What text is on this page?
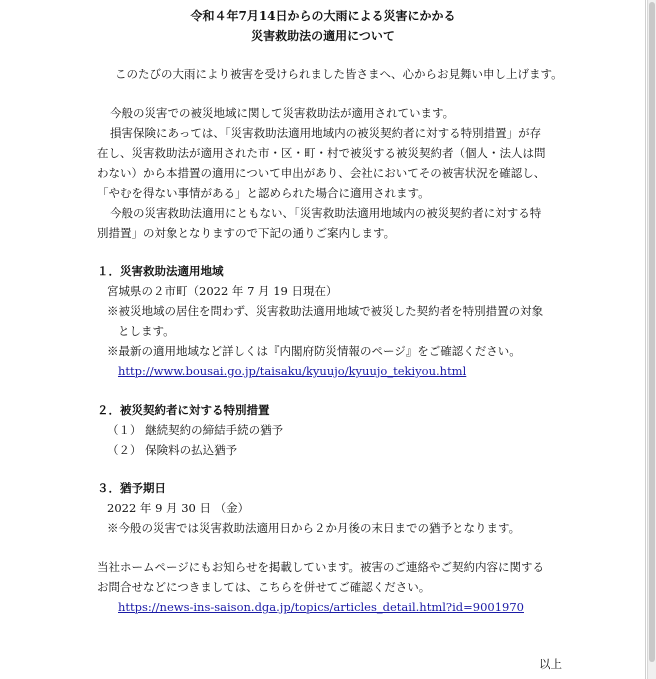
令和４年7月14日からの大雨による災害にかかる
災害救助法の適用について
このたびの大雨により被害を受けられました皆さまへ、心からお見舞い申し上げます。
今般の災害での被災地域に関して災害救助法が適用されています。
損害保険にあっては、「災害救助法適用地域内の被災契約者に対する特別措置」が存
在し、災害救助法が適用された市・区・町・村で被災する被災契約者（個人・法人は問
わない）から本措置の適用について申出があり、会社においてその被害状況を確認し、
「やむを得ない事情がある」と認められた場合に適用されます。
今般の災害救助法適用にともない、「災害救助法適用地域内の被災契約者に対する特
別措置」の対象となりますので下記の通りご案内します。
１．災害救助法適用地域
宮城県の２市町（2022 年 7 月 19 日現在）
※被災地域の居住を問わず、災害救助法適用地域で被災した契約者を特別措置の対象
とします。
※最新の適用地域など詳しくは『内閣府防災情報のページ』をご確認ください。
http://www.bousai.go.jp/taisaku/kyuujo/kyuujo_tekiyou.html
２．被災契約者に対する特別措置
（１） 継続契約の締結手続の猶予
（２） 保険料の払込猶予
３．猶予期日
2022 年 9 月 30 日 （金）
※今般の災害では災害救助法適用日から２か月後の末日までの猶予となります。
当社ホームページにもお知らせを掲載しています。被害のご連絡やご契約内容に関する
お問合せなどにつきましては、こちらを併せてご確認ください。
https://news-ins-saison.dga.jp/topics/articles_detail.html?id=9001970
以上
